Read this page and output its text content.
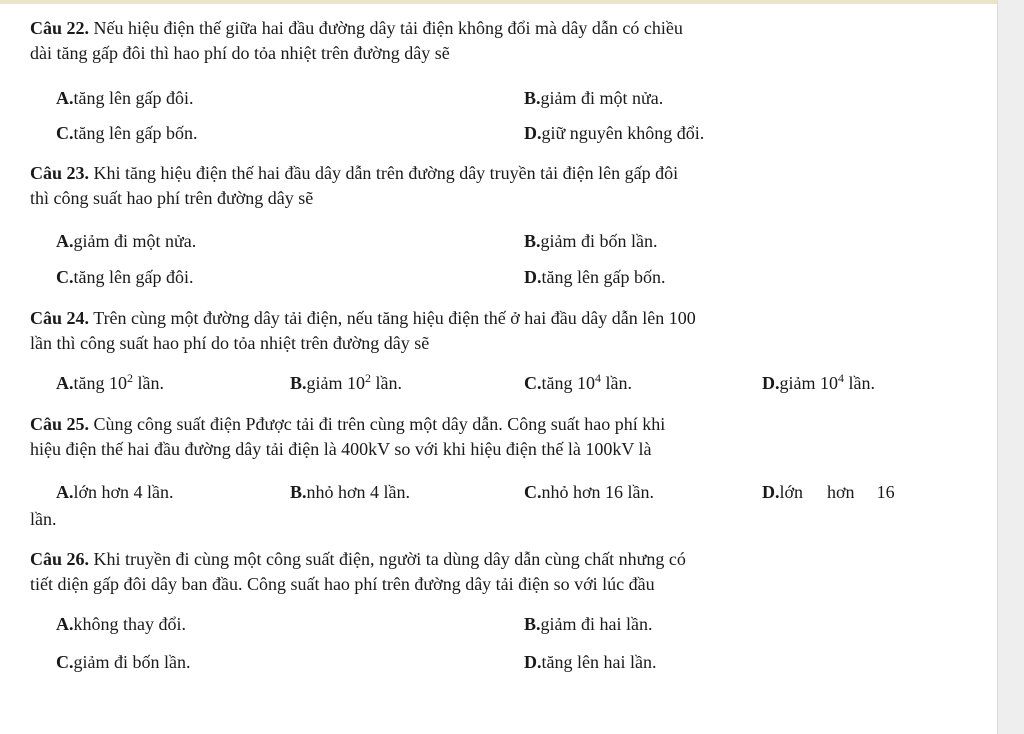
Câu 22. Nếu hiệu điện thế giữa hai đầu đường dây tải điện không đổi mà dây dẫn có chiều
dài tăng gấp đôi thì hao phí do tỏa nhiệt trên đường dây sẽ
A.tăng lên gấp đôi.	B.giảm đi một nửa.
C.tăng lên gấp bốn.	D.giữ nguyên không đổi.
Câu 23. Khi tăng hiệu điện thế hai đầu dây dẫn trên đường dây truyền tải điện lên gấp đôi
thì công suất hao phí trên đường dây sẽ
A.giảm đi một nửa.	B.giảm đi bốn lần.
C.tăng lên gấp đôi.	D.tăng lên gấp bốn.
Câu 24. Trên cùng một đường dây tải điện, nếu tăng hiệu điện thế ở hai đầu dây dẫn lên 100
lần thì công suất hao phí do tỏa nhiệt trên đường dây sẽ
A.tăng $10^2$ lần.	B.giảm $10^2$ lần.	C.tăng $10^4$ lần.	D.giảm $10^4$ lần.
Câu 25. Cùng công suất điện Pđược tải đi trên cùng một dây dẫn. Công suất hao phí khi
hiệu điện thế hai đầu đường dây tải điện là 400kV so với khi hiệu điện thế là 100kV là
A.lớn hơn 4 lần.	B.nhỏ hơn 4 lần.	C.nhỏ hơn 16 lần.	D.lớn hơn 16
lần.
Câu 26. Khi truyền đi cùng một công suất điện, người ta dùng dây dẫn cùng chất nhưng có
tiết diện gấp đôi dây ban đầu. Công suất hao phí trên đường dây tải điện so với lúc đầu
A.không thay đổi.	B.giảm đi hai lần.
C.giảm đi bốn lần.	D.tăng lên hai lần.
